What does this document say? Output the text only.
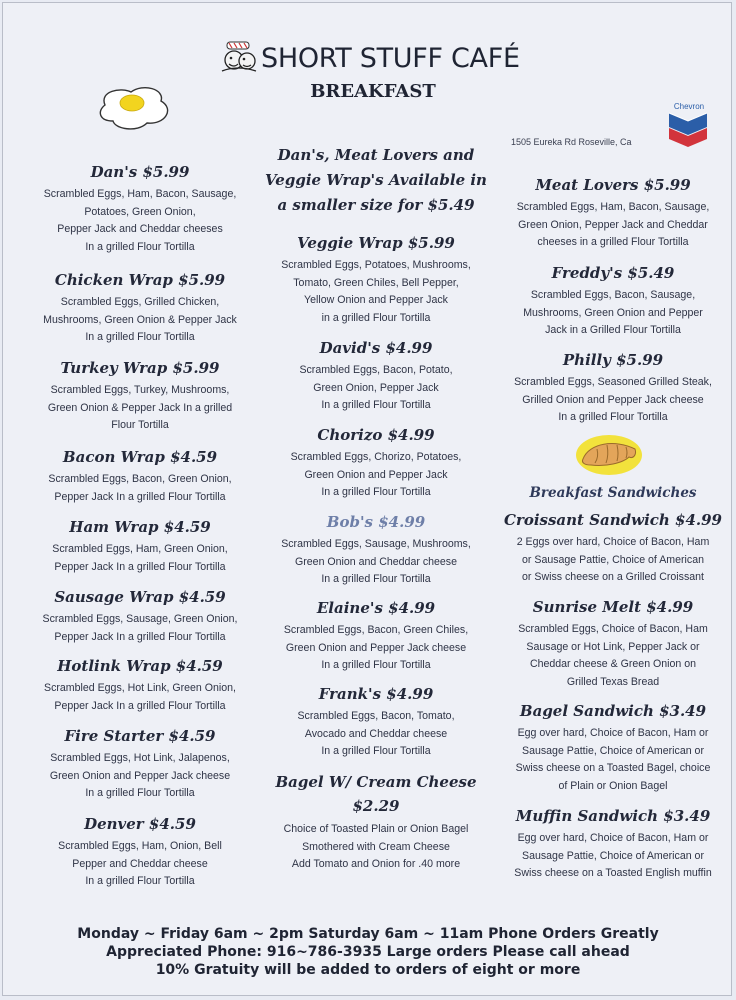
SHORT STUFF CAFÉ
BREAKFAST
Chevron
1505 Eureka Rd Roseville, Ca
Dan's $5.99
Scrambled Eggs, Ham, Bacon, Sausage,
Potatoes, Green Onion,
Pepper Jack and Cheddar cheeses
In a grilled Flour Tortilla
Chicken Wrap $5.99
Scrambled Eggs, Grilled Chicken,
Mushrooms, Green Onion & Pepper Jack
In a grilled Flour Tortilla
Turkey Wrap $5.99
Scrambled Eggs, Turkey, Mushrooms,
Green Onion & Pepper Jack In a grilled
Flour Tortilla
Bacon Wrap $4.59
Scrambled Eggs, Bacon, Green Onion,
Pepper Jack In a grilled Flour Tortilla
Ham Wrap $4.59
Scrambled Eggs, Ham, Green Onion,
Pepper Jack In a grilled Flour Tortilla
Sausage Wrap $4.59
Scrambled Eggs, Sausage, Green Onion,
Pepper Jack In a grilled Flour Tortilla
Hotlink Wrap $4.59
Scrambled Eggs, Hot Link, Green Onion,
Pepper Jack In a grilled Flour Tortilla
Fire Starter $4.59
Scrambled Eggs, Hot Link, Jalapenos,
Green Onion and Pepper Jack cheese
In a grilled Flour Tortilla
Denver $4.59
Scrambled Eggs, Ham, Onion, Bell
Pepper and Cheddar cheese
In a grilled Flour Tortilla
Dan's, Meat Lovers and
Veggie Wrap's Available in
a smaller size for $5.49
Veggie Wrap $5.99
Scrambled Eggs, Potatoes, Mushrooms,
Tomato, Green Chiles, Bell Pepper,
Yellow Onion and Pepper Jack
in a grilled Flour Tortilla
David's $4.99
Scrambled Eggs, Bacon, Potato,
Green Onion, Pepper Jack
In a grilled Flour Tortilla
Chorizo $4.99
Scrambled Eggs, Chorizo, Potatoes,
Green Onion and Pepper Jack
In a grilled Flour Tortilla
Bob's $4.99
Scrambled Eggs, Sausage, Mushrooms,
Green Onion and Cheddar cheese
In a grilled Flour Tortilla
Elaine's $4.99
Scrambled Eggs, Bacon, Green Chiles,
Green Onion and Pepper Jack cheese
In a grilled Flour Tortilla
Frank's $4.99
Scrambled Eggs, Bacon, Tomato,
Avocado and Cheddar cheese
In a grilled Flour Tortilla
Bagel W/ Cream Cheese
$2.29
Choice of Toasted Plain or Onion Bagel
Smothered with Cream Cheese
Add Tomato and Onion for .40 more
Meat Lovers $5.99
Scrambled Eggs, Ham, Bacon, Sausage,
Green Onion, Pepper Jack and Cheddar
cheeses in a grilled Flour Tortilla
Freddy's $5.49
Scrambled Eggs, Bacon, Sausage,
Mushrooms, Green Onion and Pepper
Jack in a Grilled Flour Tortilla
Philly $5.99
Scrambled Eggs, Seasoned Grilled Steak,
Grilled Onion and Pepper Jack cheese
In a grilled Flour Tortilla
Breakfast Sandwiches
Croissant Sandwich $4.99
2 Eggs over hard, Choice of Bacon, Ham
or Sausage Pattie, Choice of American
or Swiss cheese on a Grilled Croissant
Sunrise Melt $4.99
Scrambled Eggs, Choice of Bacon, Ham
Sausage or Hot Link, Pepper Jack or
Cheddar cheese & Green Onion on
Grilled Texas Bread
Bagel Sandwich $3.49
Egg over hard, Choice of Bacon, Ham or
Sausage Pattie, Choice of American or
Swiss cheese on a Toasted Bagel, choice
of Plain or Onion Bagel
Muffin Sandwich $3.49
Egg over hard, Choice of Bacon, Ham or
Sausage Pattie, Choice of American or
Swiss cheese on a Toasted English muffin
Monday ~ Friday 6am ~ 2pm Saturday 6am ~ 11am Phone Orders Greatly
Appreciated Phone: 916~786-3935 Large orders Please call ahead
10% Gratuity will be added to orders of eight or more
